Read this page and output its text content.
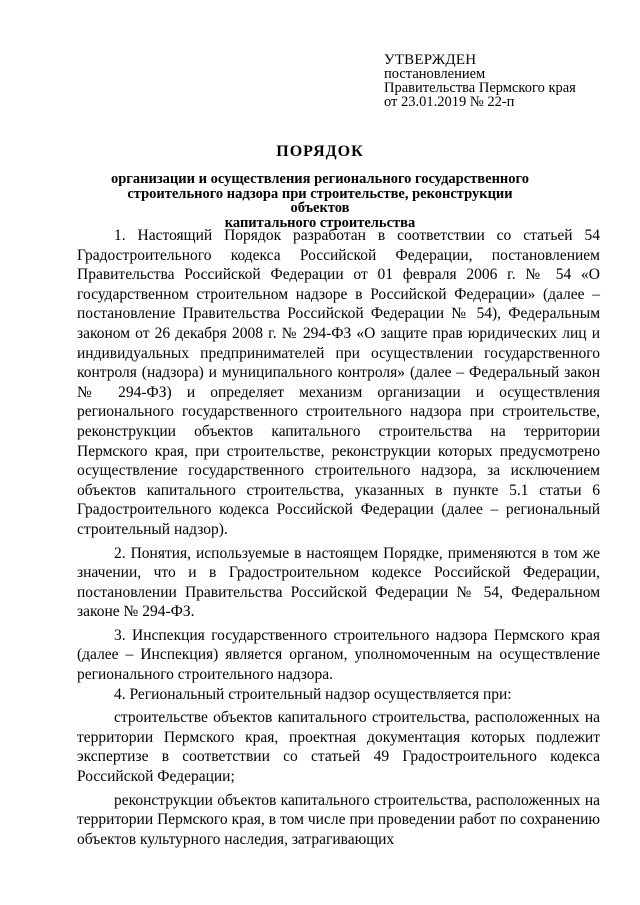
УТВЕРЖДЕН
постановлением
Правительства Пермского края
от 23.01.2019 № 22-п
ПОРЯДОК
организации и осуществления регионального государственного
строительного надзора при строительстве, реконструкции объектов
капитального строительства

1. Настоящий Порядок разработан в соответствии со статьей 54 Градостроительного кодекса Российской Федерации, постановлением Правительства Российской Федерации от 01 февраля 2006 г. № 54 «О государственном строительном надзоре в Российской Федерации» (далее – постановление Правительства Российской Федерации № 54), Федеральным законом от 26 декабря 2008 г. № 294-ФЗ «О защите прав юридических лиц и индивидуальных предпринимателей при осуществлении государственного контроля (надзора) и муниципального контроля» (далее – Федеральный закон № 294-ФЗ) и определяет механизм организации и осуществления регионального государственного строительного надзора при строительстве, реконструкции объектов капитального строительства на территории Пермского края, при строительстве, реконструкции которых предусмотрено осуществление государственного строительного надзора, за исключением объектов капитального строительства, указанных в пункте 5.1 статьи 6 Градостроительного кодекса Российской Федерации (далее – региональный строительный надзор).

2. Понятия, используемые в настоящем Порядке, применяются в том же значении, что и в Градостроительном кодексе Российской Федерации, постановлении Правительства Российской Федерации № 54, Федеральном законе № 294-ФЗ.

3. Инспекция государственного строительного надзора Пермского края (далее – Инспекция) является органом, уполномоченным на осуществление регионального строительного надзора.

4. Региональный строительный надзор осуществляется при:

строительстве объектов капитального строительства, расположенных на территории Пермского края, проектная документация которых подлежит экспертизе в соответствии со статьей 49 Градостроительного кодекса Российской Федерации;

реконструкции объектов капитального строительства, расположенных на территории Пермского края, в том числе при проведении работ по сохранению объектов культурного наследия, затрагивающих
